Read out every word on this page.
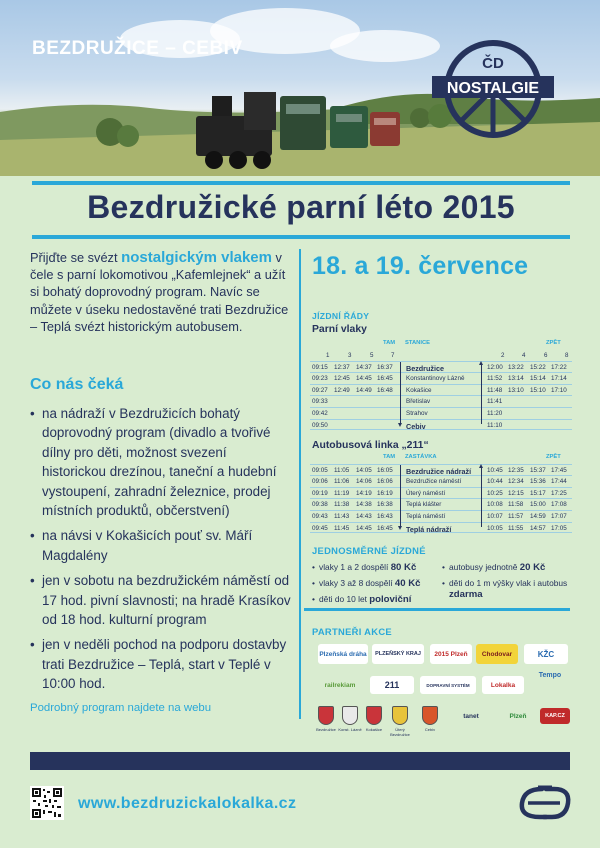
BEZDRUŽICE – CEBIV
ČD
NOSTALGIE
Bezdružické parní léto 2015
Přijďte se svézt nostalgickým vlakem v čele s parní lokomotivou „Kafemlejnek“ a užít si bohatý doprovodný program. Navíc se můžete v úseku nedostavěné trati Bezdružice – Teplá svézt historickým autobusem.
Co nás čeká
• na nádraží v Bezdružicích bohatý doprovodný program (divadlo a tvořivé dílny pro děti, možnost svezení historickou drezínou, taneční a hudební vystoupení, zahradní železnice, prodej místních produktů, občerstvení)
• na návsi v Kokašicích pouť sv. Máří Magdalény
• jen v sobotu na bezdružickém náměstí od 17 hod. pivní slavnosti; na hradě Krasíkov od 18 hod. kulturní program
• jen v neděli pochod na podporu dostavby trati Bezdružice – Teplá, start v Teplé v 10:00 hod.
Podrobný program najdete na webu
18. a 19. července
JÍZDNÍ ŘÁDY
Parní vlaky
TAM STANICE	ZPĚT
1	3	5	7	2	4	6	8
09:15 12:37 14:37 16:37 Bezdružice	12:00 13:22 15:22 17:22
09:23 12:45 14:45 16:45 Konstantinovy Lázně	11:52 13:14 15:14 17:14
09:27 12:49 14:49 16:48 Kokašice	11:48 13:10 15:10 17:10
09:33	Břetislav	11:41
09:42	Strahov	11:20
09:50	Cebiv	11:10
Autobusová linka „211“
TAM ZASTÁVKA	ZPĚT
09:05 11:05 14:05 16:05 Bezdružice nádraží	10:45 12:35 15:37 17:45
09:06 11:06 14:06 16:06 Bezdružice náměstí	10:44 12:34 15:36 17:44
09:19 11:19 14:19 16:19 Úterý náměstí	10:25 12:15 15:17 17:25
09:38 11:38 14:38 16:38 Teplá klášter	10:08 11:58 15:00 17:08
09:43 11:43 14:43 16:43 Teplá náměstí	10:07 11:57 14:59 17:07
09:45 11:45 14:45 16:45 Teplá nádraží	10:05 11:55 14:57 17:05
JEDNOSMĚRNÉ JÍZDNÉ
• vlaky 1 a 2 dospělí 80 Kč
• vlaky 3 až 8 dospělí 40 Kč
• děti do 10 let poloviční
• autobusy jednotně 20 Kč
• děti do 1 m výšky vlak i autobus zdarma
PARTNEŘI AKCE
Plzeňská dráha	PLZEŇSKÝ KRAJ	2015 Plzeň	Chodovar	KŽC
railrekiam	211	DOPRAVNÍ SYSTÉM	Lokalka
Tempo
Bezdružice Konst. Lázně	Kokašice	Úterý Bezdružice
Cebiv
tanet	Plzeň	KAP.CZ
www.bezdruzickalokalka.cz
